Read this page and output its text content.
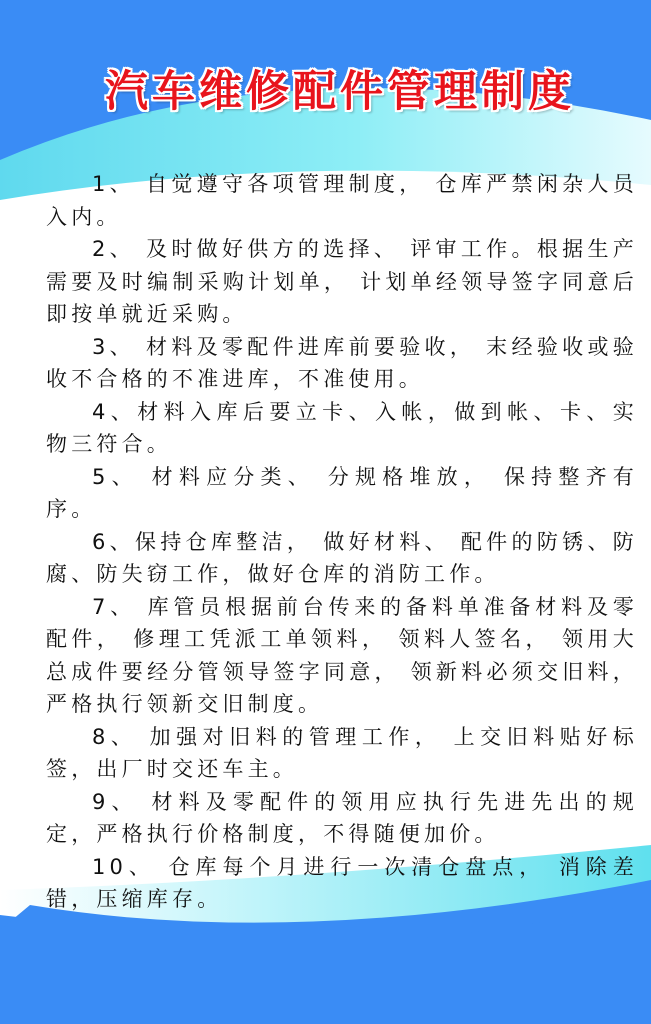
汽车维修配件管理制度

1、 自觉遵守各项管理制度， 仓库严禁闲杂人员入内。

2、 及时做好供方的选择、 评审工作。根据生产需要及时编制采购计划单， 计划单经领导签字同意后即按单就近采购。

3、 材料及零配件进库前要验收， 末经验收或验收不合格的不准进库，不准使用。

4、材料入库后要立卡、入帐，做到帐、卡、实物三符合。

5、 材料应分类、 分规格堆放， 保持整齐有序。

6、保持仓库整洁， 做好材料、 配件的防锈、防腐、防失窃工作，做好仓库的消防工作。

7、 库管员根据前台传来的备料单准备材料及零配件， 修理工凭派工单领料， 领料人签名， 领用大总成件要经分管领导签字同意， 领新料必须交旧料，严格执行领新交旧制度。

8、 加强对旧料的管理工作， 上交旧料贴好标签，出厂时交还车主。

9、 材料及零配件的领用应执行先进先出的规定，严格执行价格制度，不得随便加价。

10、 仓库每个月进行一次清仓盘点， 消除差错，压缩库存。
